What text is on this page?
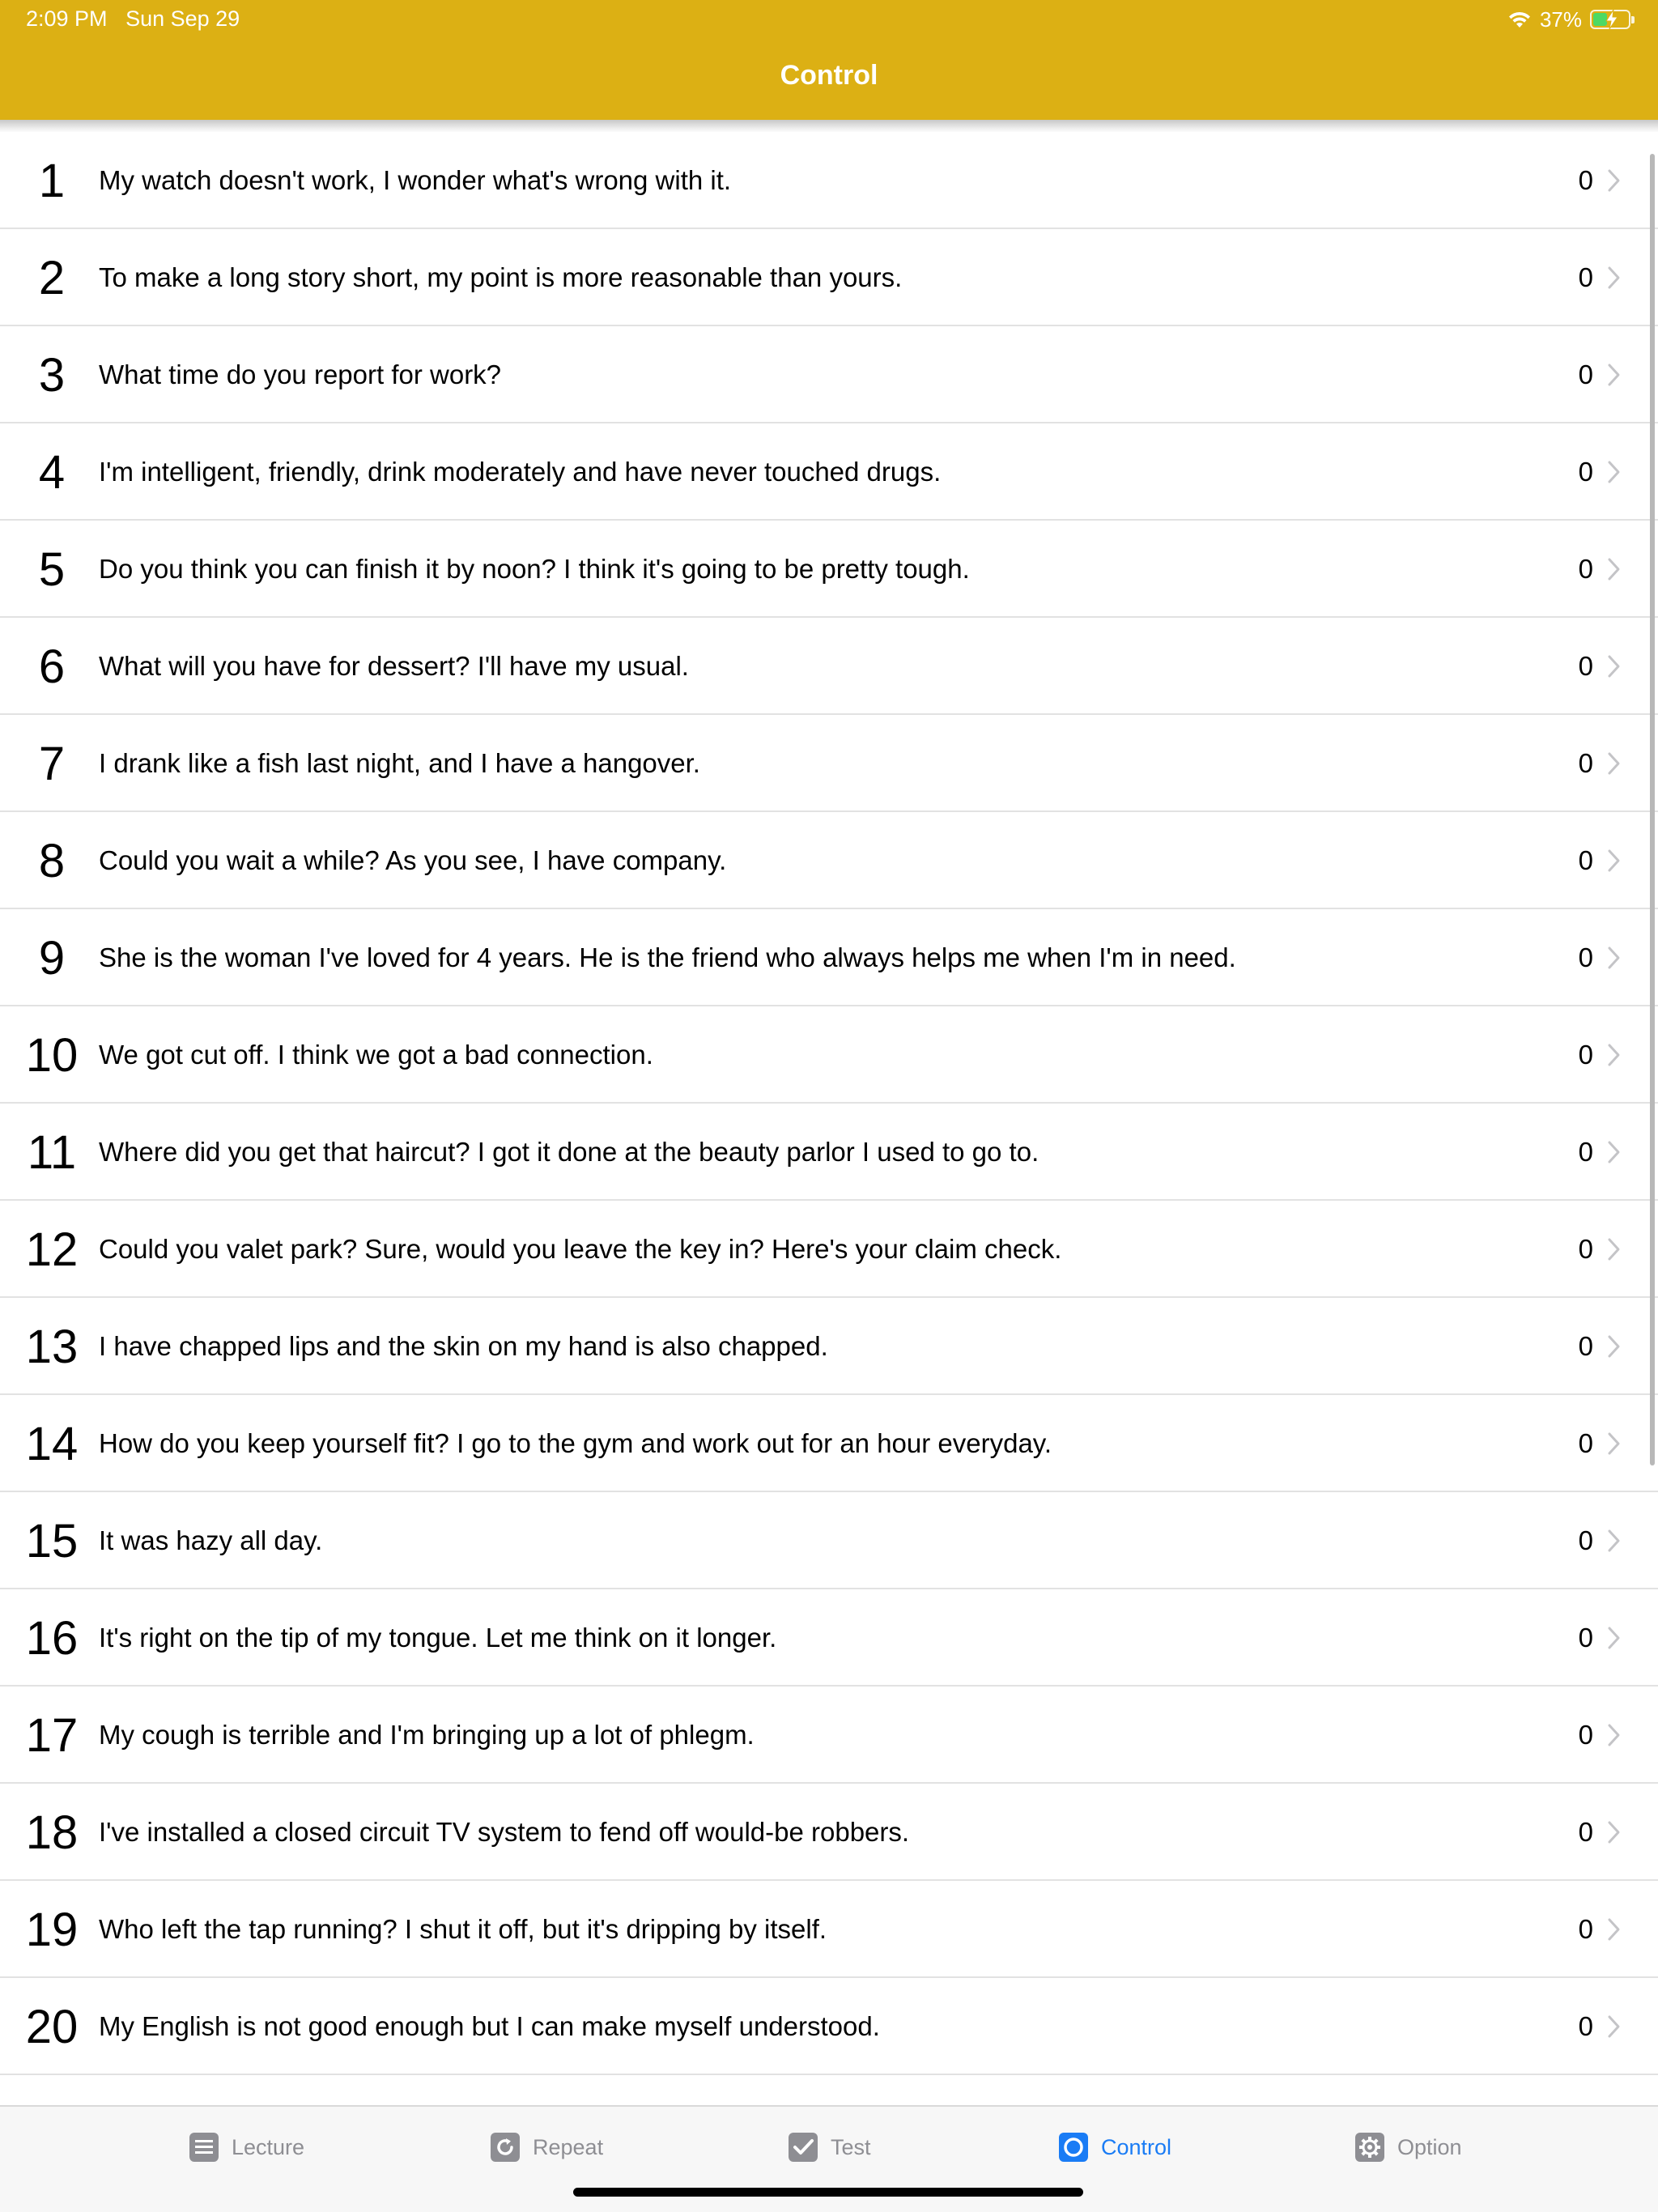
2:09 PM Sun Sep 29	37%
Control
1	My watch doesn't work, I wonder what's wrong with it.	0
2	To make a long story short, my point is more reasonable than yours.	0
3	What time do you report for work?	0
4	I'm intelligent, friendly, drink moderately and have never touched drugs.	0
5	Do you think you can finish it by noon? I think it's going to be pretty tough.	0
6	What will you have for dessert? I'll have my usual.	0
7	I drank like a fish last night, and I have a hangover.	0
8	Could you wait a while? As you see, I have company.	0
9	She is the woman I've loved for 4 years. He is the friend who always helps me when I'm in need.	0
10 We got cut off. I think we got a bad connection.	0
11 Where did you get that haircut? I got it done at the beauty parlor I used to go to.	0
12 Could you valet park? Sure, would you leave the key in? Here's your claim check.	0
13 I have chapped lips and the skin on my hand is also chapped.	0
14 How do you keep yourself fit? I go to the gym and work out for an hour everyday.	0
15 It was hazy all day.	0
16 It's right on the tip of my tongue. Let me think on it longer.	0
17 My cough is terrible and I'm bringing up a lot of phlegm.	0
18 I've installed a closed circuit TV system to fend off would-be robbers.	0
19 Who left the tap running? I shut it off, but it's dripping by itself.	0
20 My English is not good enough but I can make myself understood.	0
Lecture	Repeat	Test	Control	Option
